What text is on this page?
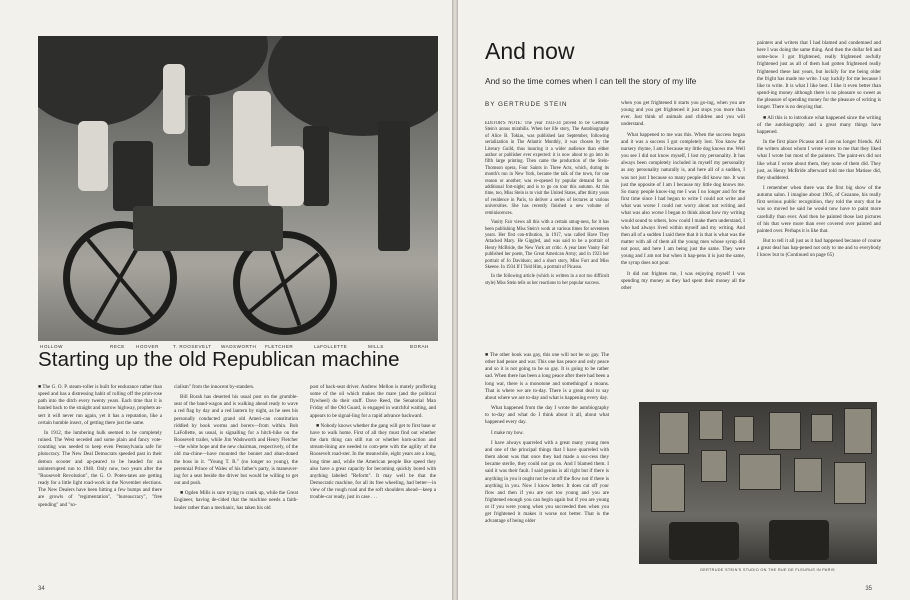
HOLLOW	RECE HOOVER	T. ROOSEVELT WADSWORTH FLETCHER	LaFOLLETTE	MILLS	BORAH
Starting up the old Republican machine

■ The G. O. P. steam-roller is built for endurance rather than speed and has a distressing habit of rolling off the prim-rose path into the ditch every twenty years. Each time that it is hauled back to the straight and narrow highway, prophets as-sert it will never run again, yet it has a reputation, like a certain humble insect, of getting there just the same.

In 1912, the lumbering hulk seemed to be completely ruined. The West seceded and some plain and fancy vote-counting was needed to keep even Pennsylvania safe for plutocracy. The New Deal Democrats speeded past in their demon scooter and ap-peared to be headed for an uninterrupted run to 1940. Only now, two years after the "Roosevelt Revolution", the G. O. Poten-tates are getting ready for a little light road-work in the November elections. The New Dealers have been hitting a few bumps and there are growls of "regimentation", "bureaucracy", "free spending" and "so-

cialism" from the innocent by-standers.

Bill Borah has deserted his usual post on the grumble-seat of the band-wagon and is walking ahead ready to wave a red flag by day and a red lantern by night, as he sees his personally conducted grand old Ameri-can constitution riddled by book worms and borers—from within. Bob LaFollette, as usual, is signalling for a hitch-hike on the Roosevelt trailer, while Jim Wadsworth and Henry Fletcher—the white hope and the new chairman, respectively, of the old ma-chine—have mounted the bonnet and aban-doned the boss in it. "Young T. R." (no longer so young), the perennial Prince of Wales of his father's party, is maneuver-ing for a seat beside the driver but would be willing to get out and push.

■ Ogden Mills is sure trying to crank up, while the Great Engineer, having de-cided that the machine needs a faith-healer rather than a mechanic, has taken his old

post of back-seat driver. Andrew Mellon is mutely proffering some of the oil which makes the mare (and the political flywheel) do their stuff. Dave Reed, the Senatorial Man Friday of the Old Guard, is engaged in watchful waiting, and appears to be signal-ling for a rapid advance backward.

■ Nobody knows whether the gang will get to first base or have to walk home. First of all they must find out whether the darn thing can still run or whether korn-action and stream-lining are needed to com-pete with the agility of the Roosevelt road-ster. In the meanwhile, eight years are a long, long time and, while the American people like speed they also have a great capacity for becoming quickly bored with anything labeled "Reform". It may well be that the Democratic machine, for all its free wheeling, had better—in view of the rough road and the soft shoulders ahead—keep a trouble-car ready, just in case . . .

34	35
And now
And so the time comes when I can tell the story of my life
BY GERTRUDE STEIN

EDITOR'S NOTE: The year 1933-34 proved to be Gertrude Stein's annus mirabilis. When her life story, The Autobiography of Alice B. Toklas, was published last September, following serialization in The Atlantic Monthly, it was chosen by the Literary Guild, thus insuring it a wider audience than either author or publisher ever expected: it is now about to go into its fifth large printing. Then came the production of the Stein-Thomson opera, Four Saints in Three Acts, which, during its month's run in New York, became the talk of the town, for one reason or another; was re-opened by popular demand for an additional fort-night; and is to go on tour this autumn. At this time, too, Miss Stein is to visit the United States, after thirty years of residence in Paris, to deliver a series of lectures at various universities. She has recently finished a new volume of reminiscences.

Vanity Fair views all this with a certain smug-ness, for it has been publishing Miss Stein's work at various times for seventeen years. Her first con-tribution, in 1917, was called Have They Attacked Mary. He Giggled, and was said to be a portrait of Henry McBride, the New York art critic. A year later Vanity Fair published her poem, The Great American Army; and in 1923 her portrait of Jo Davidson; and a short story, Miss Furr and Miss Skeene. In 1934 If I Told Him, a portrait of Picasso.

In the following article (which is written in a not too difficult style) Miss Stein tells us her reactions to her popular success.

■ The other book was gay, this one will not be so gay. The other had peace and war. This one has peace and only peace and so it is not going to be so gay. It is going to be rather sad. When there has been a long peace after there had been a long war, there is a monotone and somethingof a moans. That is where we are to-day. There is a great deal to say about where we are to-day and what is happening every day.

What happened from the day I wrote the autobiography to to-day and what do I think about it all, about what happened every day.

I make my bow.

I have always quarreled with a great many young men and one of the principal things that I have quarreled with them about was that once they had made a suc-cess they became sterile, they could not go on. And I blamed them. I said it was their fault. I said genius is all right but if there is anything in you it ought not be cut off the flow not if there is anything in you. Now I know better. It does cut off your flow and then if you are not too young and you are frightened enough you can begin again but if you are young or if you were young when you succeeded then when you get frightened it makes it worse not better. That is the advantage of being older

when you get frightened it starts you go-ing, when you are young and you get frightened it just stops you more than ever. Just think of animals and children and you will understand.

What happened to me was this. When the success began and it was a success I got completely lost. You know the nursery rhyme, I am I because my little dog knows me. Well you see I did not know myself, I lost my personality. It has always been completely included in myself my personality as any personality naturally is, and here all of a sudden, I was not just I because so many people did know me. It was just the opposite of I am I because my little dog knows me. So many people know-ing me I was I no longer and for the first time since I had begun to write I could not write and what was worse I could not worry about not writing and what was also worse I began to think about how my writing would sound to others, how could I make them understand, I who had always lived within myself and my writing. And then all of a sudden I said there that it is that is what was the matter with all of them all the young men whose syrup did not pour, and here I am being just the same. They were young and I am not but when it hap-pens it is just the same, the syrup does not pour.

It did not frighten me, I was enjoying myself I was spending my money as they had spent their money all the other

painters and writers that I had blamed and condemned and here I was doing the same thing. And then the dollar fell and some-how I got frightened, really frightened awfully frightened just as all of them had gotten frightened really frightened these last years, but luckily for me being older the fright has made me write. I say luckily for me because I like to write. It is what I like best. I like it even better than spend-ing money although there is no pleasure so sweet as the pleasure of spending money for the pleasure of writing is longer. There is no denying that.

■ All this is to introduce what happened since the writing of the autobiography and a great many things have happened.

In the first place Picasso and I are no longer friends. All the writers about whom I wrote wrote to me that they liked what I wrote but most of the painters. The paint-ers did not like what I wrote about them, they none of them did. They just, as Henry McBride afterward told me that Matisse did, they shuddered.

I remember when there was the first big show of the autumn salon. I imagine about 1905, of Cezanne, his really first serious public recognition, they told the story that he was so moved he said he would now have to paint more carefully than ever. And then he painted those last pictures of his that were more than ever covered over painted and painted over. Perhaps it is like that.

But to tell it all just as it had happened because of course a great deal has hap-pened not only to me and to everybody I know but to (Continued on page 65)

GERTRUDE STEIN'S STUDIO ON THE RUE DE FLEURUS IN PARIS
